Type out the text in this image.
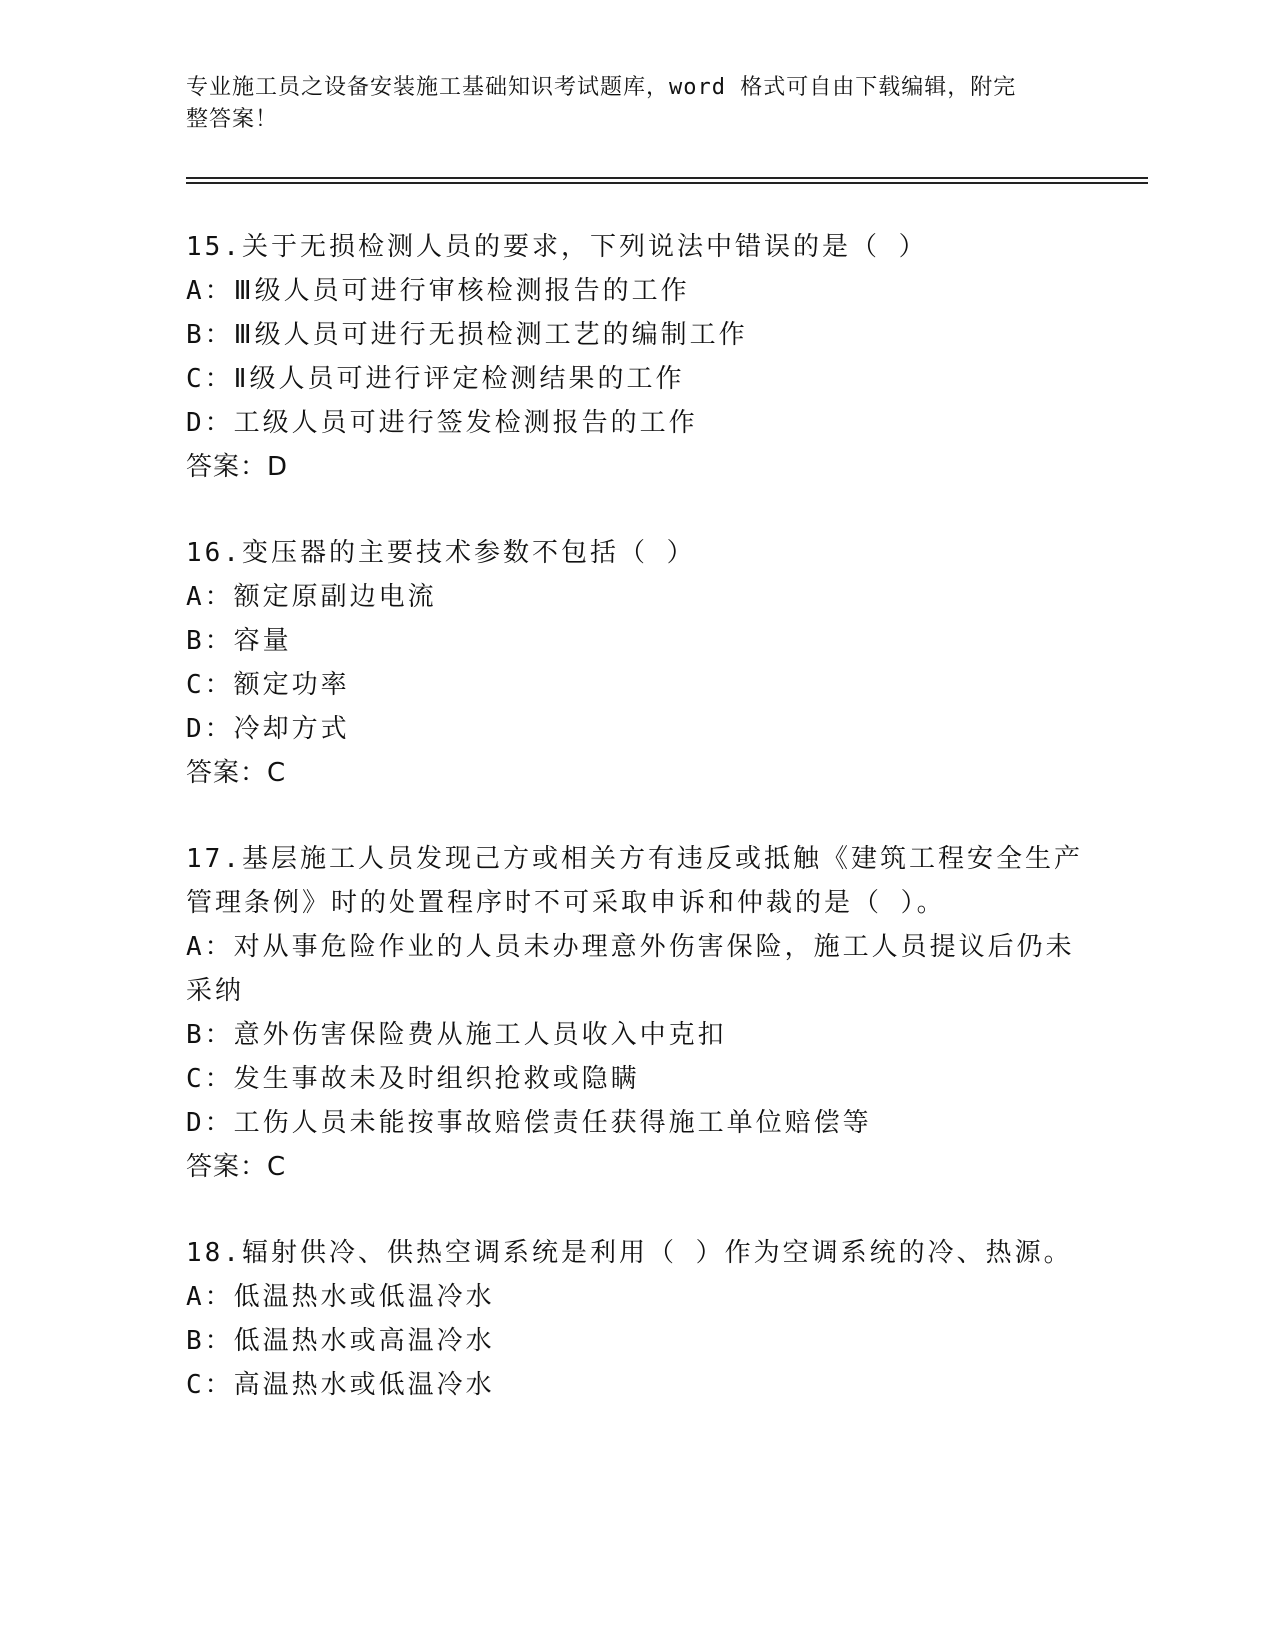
专业施工员之设备安装施工基础知识考试题库，word 格式可自由下载编辑，附完
整答案！
15.关于无损检测人员的要求，下列说法中错误的是（ ）
A：Ⅲ级人员可进行审核检测报告的工作
B：Ⅲ级人员可进行无损检测工艺的编制工作
C：Ⅱ级人员可进行评定检测结果的工作
D：工级人员可进行签发检测报告的工作
答案：D
16.变压器的主要技术参数不包括（ ）
A：额定原副边电流
B：容量
C：额定功率
D：冷却方式
答案：C
17.基层施工人员发现己方或相关方有违反或抵触《建筑工程安全生产
管理条例》时的处置程序时不可采取申诉和仲裁的是（ ）。
A：对从事危险作业的人员未办理意外伤害保险，施工人员提议后仍未
采纳
B：意外伤害保险费从施工人员收入中克扣
C：发生事故未及时组织抢救或隐瞒
D：工伤人员未能按事故赔偿责任获得施工单位赔偿等
答案：C
18.辐射供冷、供热空调系统是利用（ ）作为空调系统的冷、热源。
A：低温热水或低温冷水
B：低温热水或高温冷水
C：高温热水或低温冷水
